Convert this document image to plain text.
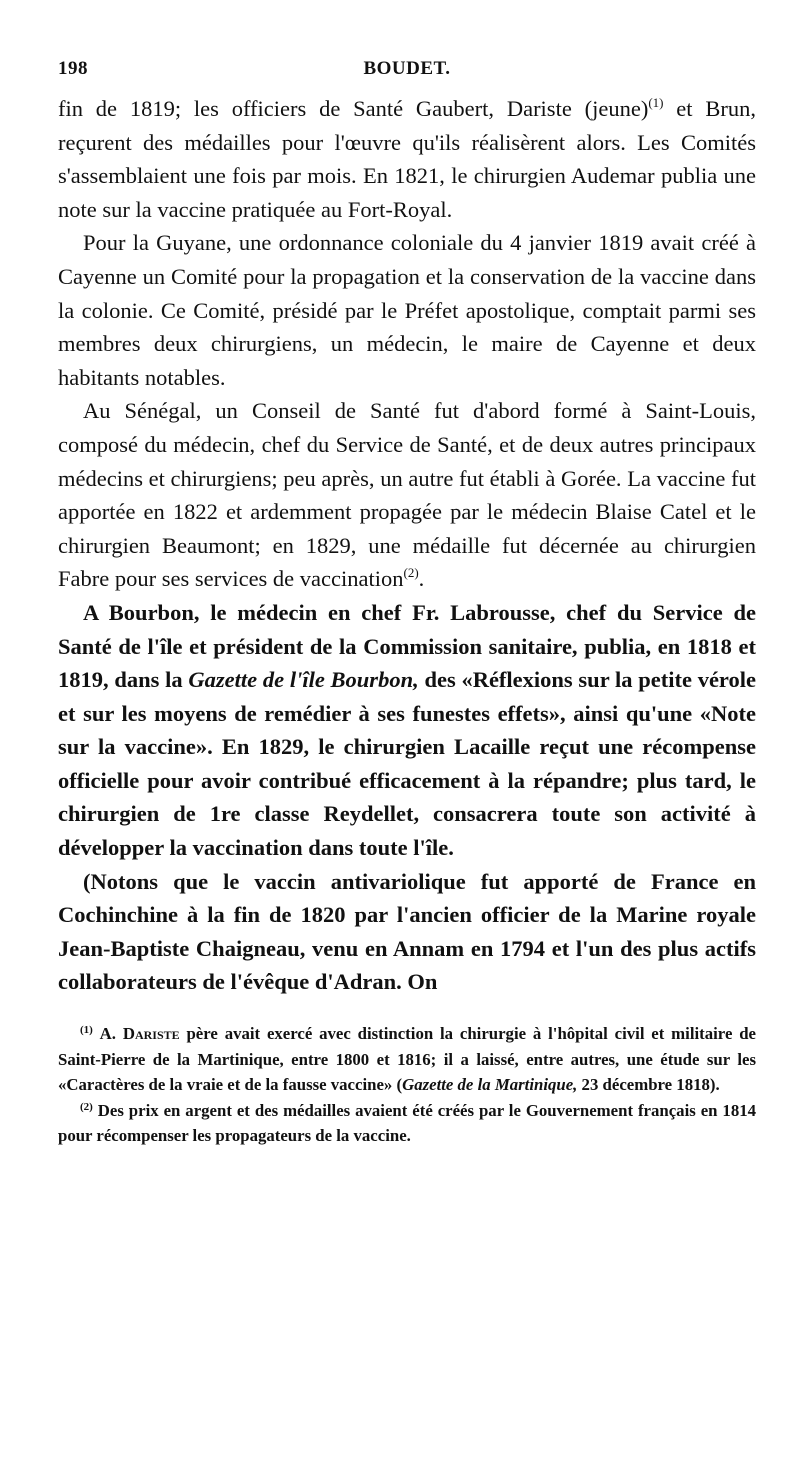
198	BOUDET.

fin de 1819; les officiers de Santé Gaubert, Dariste (jeune)$^{(1)}$ et Brun, reçurent des médailles pour l'œuvre qu'ils réalisèrent alors. Les Comités s'assemblaient une fois par mois. En 1821, le chirurgien Audemar publia une note sur la vaccine pratiquée au Fort-Royal.

Pour la Guyane, une ordonnance coloniale du 4 janvier 1819 avait créé à Cayenne un Comité pour la propagation et la conservation de la vaccine dans la colonie. Ce Comité, présidé par le Préfet apostolique, comptait parmi ses membres deux chirurgiens, un médecin, le maire de Cayenne et deux habitants notables.

Au Sénégal, un Conseil de Santé fut d'abord formé à Saint-Louis, composé du médecin, chef du Service de Santé, et de deux autres principaux médecins et chirurgiens; peu après, un autre fut établi à Gorée. La vaccine fut apportée en 1822 et ardemment propagée par le médecin Blaise Catel et le chirurgien Beaumont; en 1829, une médaille fut décernée au chirurgien Fabre pour ses services de vaccination$^{(2)}$.

A Bourbon, le médecin en chef Fr. Labrousse, chef du Service de Santé de l'île et président de la Commission sanitaire, publia, en 1818 et 1819, dans la Gazette de l'île Bourbon, des «Réflexions sur la petite vérole et sur les moyens de remédier à ses funestes effets», ainsi qu'une «Note sur la vaccine». En 1829, le chirurgien Lacaille reçut une récompense officielle pour avoir contribué efficacement à la répandre; plus tard, le chirurgien de 1re classe Reydellet, consacrera toute son activité à développer la vaccination dans toute l'île.

(Notons que le vaccin antivariolique fut apporté de France en Cochinchine à la fin de 1820 par l'ancien officier de la Marine royale Jean-Baptiste Chaigneau, venu en Annam en 1794 et l'un des plus actifs collaborateurs de l'évêque d'Adran. On

$^{(1)}$ A. Dariste père avait exercé avec distinction la chirurgie à l'hôpital civil et militaire de Saint-Pierre de la Martinique, entre 1800 et 1816; il a laissé, entre autres, une étude sur les «Caractères de la vraie et de la fausse vaccine» (Gazette de la Martinique, 23 décembre 1818).

$^{(2)}$ Des prix en argent et des médailles avaient été créés par le Gouvernement français en 1814 pour récompenser les propagateurs de la vaccine.
